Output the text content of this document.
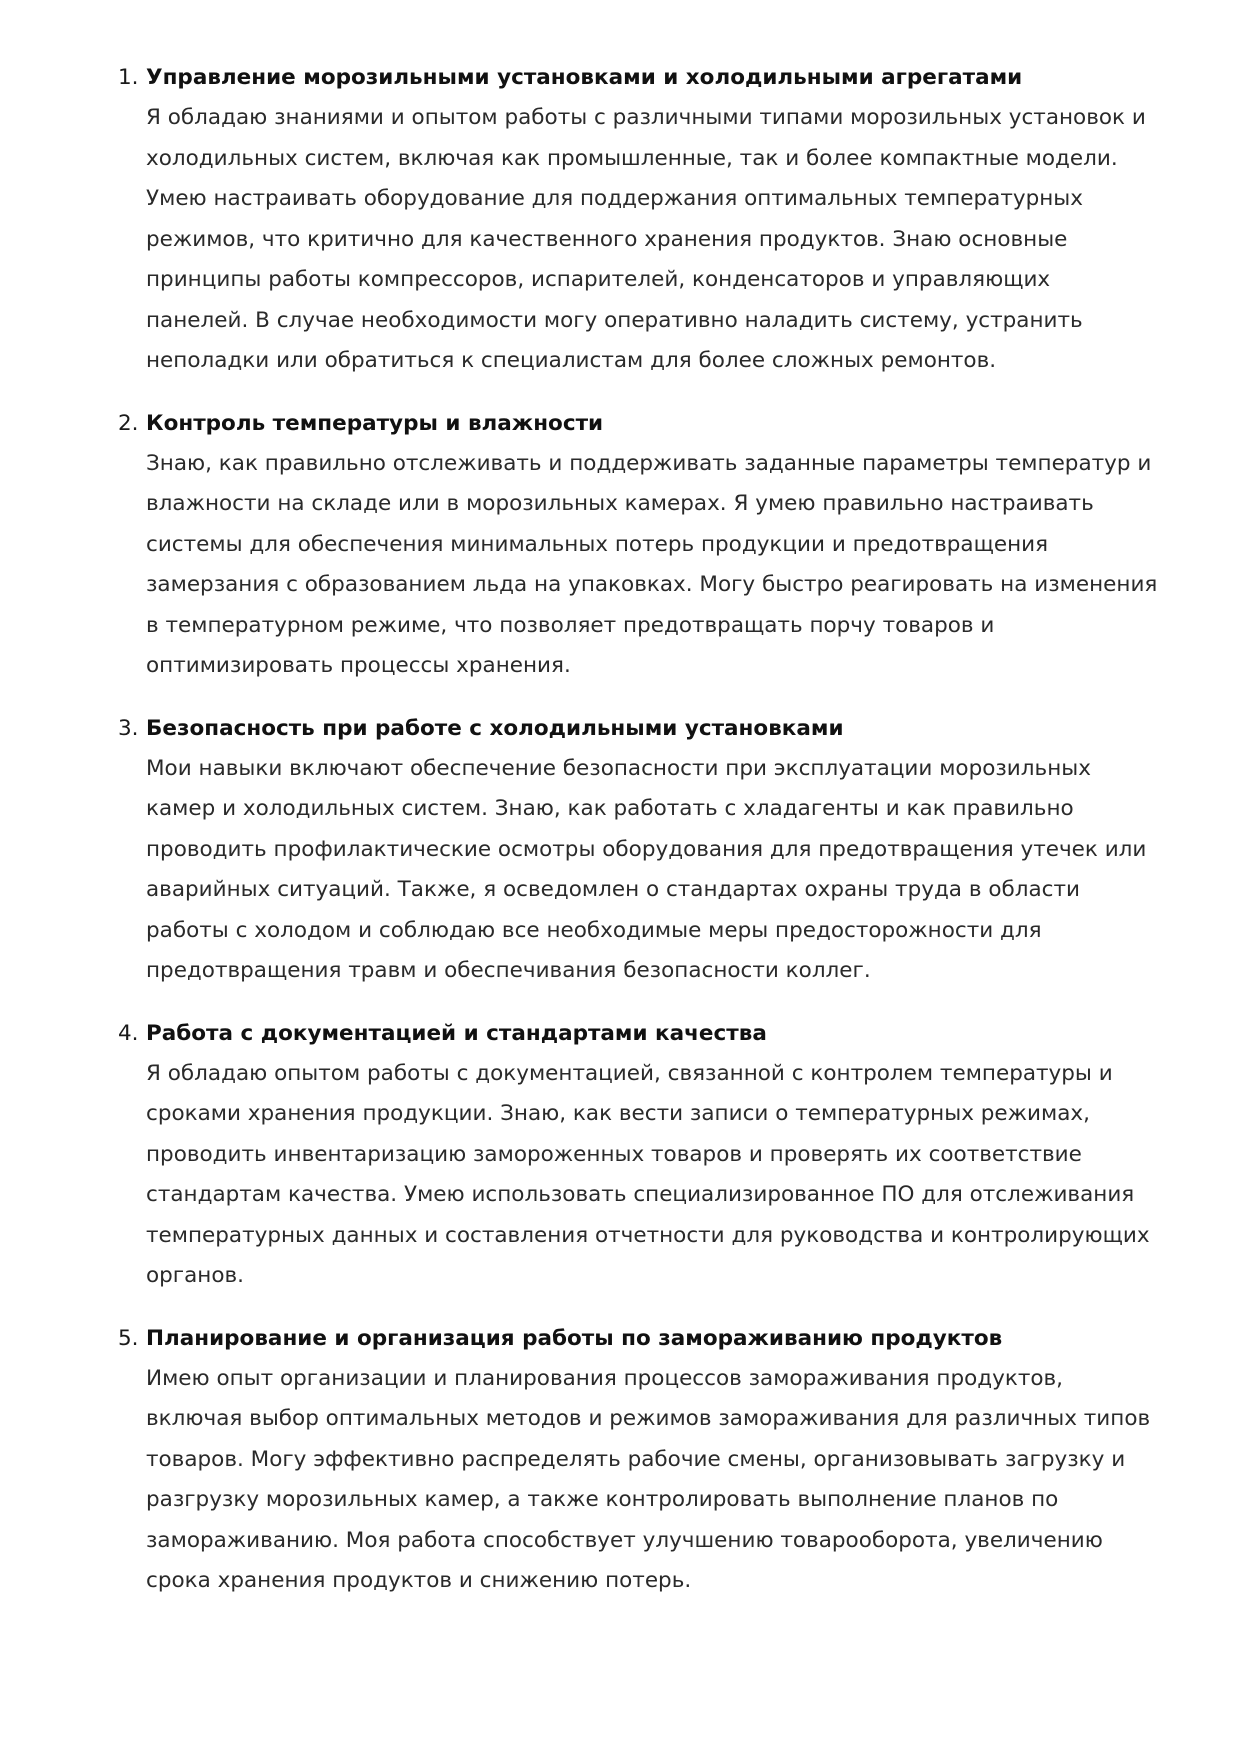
1. Управление морозильными установками и холодильными агрегатами

Я обладаю знаниями и опытом работы с различными типами морозильных установок и холодильных систем, включая как промышленные, так и более компактные модели. Умею настраивать оборудование для поддержания оптимальных температурных режимов, что критично для качественного хранения продуктов. Знаю основные принципы работы компрессоров, испарителей, конденсаторов и управляющих панелей. В случае необходимости могу оперативно наладить систему, устранить неполадки или обратиться к специалистам для более сложных ремонтов.

2. Контроль температуры и влажности

Знаю, как правильно отслеживать и поддерживать заданные параметры температур и влажности на складе или в морозильных камерах. Я умею правильно настраивать системы для обеспечения минимальных потерь продукции и предотвращения замерзания с образованием льда на упаковках. Могу быстро реагировать на изменения в температурном режиме, что позволяет предотвращать порчу товаров и оптимизировать процессы хранения.

3. Безопасность при работе с холодильными установками

Мои навыки включают обеспечение безопасности при эксплуатации морозильных камер и холодильных систем. Знаю, как работать с хладагенты и как правильно проводить профилактические осмотры оборудования для предотвращения утечек или аварийных ситуаций. Также, я осведомлен о стандартах охраны труда в области работы с холодом и соблюдаю все необходимые меры предосторожности для предотвращения травм и обеспечивания безопасности коллег.

4. Работа с документацией и стандартами качества

Я обладаю опытом работы с документацией, связанной с контролем температуры и сроками хранения продукции. Знаю, как вести записи о температурных режимах, проводить инвентаризацию замороженных товаров и проверять их соответствие стандартам качества. Умею использовать специализированное ПО для отслеживания температурных данных и составления отчетности для руководства и контролирующих органов.

5. Планирование и организация работы по замораживанию продуктов

Имею опыт организации и планирования процессов замораживания продуктов, включая выбор оптимальных методов и режимов замораживания для различных типов товаров. Могу эффективно распределять рабочие смены, организовывать загрузку и разгрузку морозильных камер, а также контролировать выполнение планов по замораживанию. Моя работа способствует улучшению товарооборота, увеличению срока хранения продуктов и снижению потерь.
